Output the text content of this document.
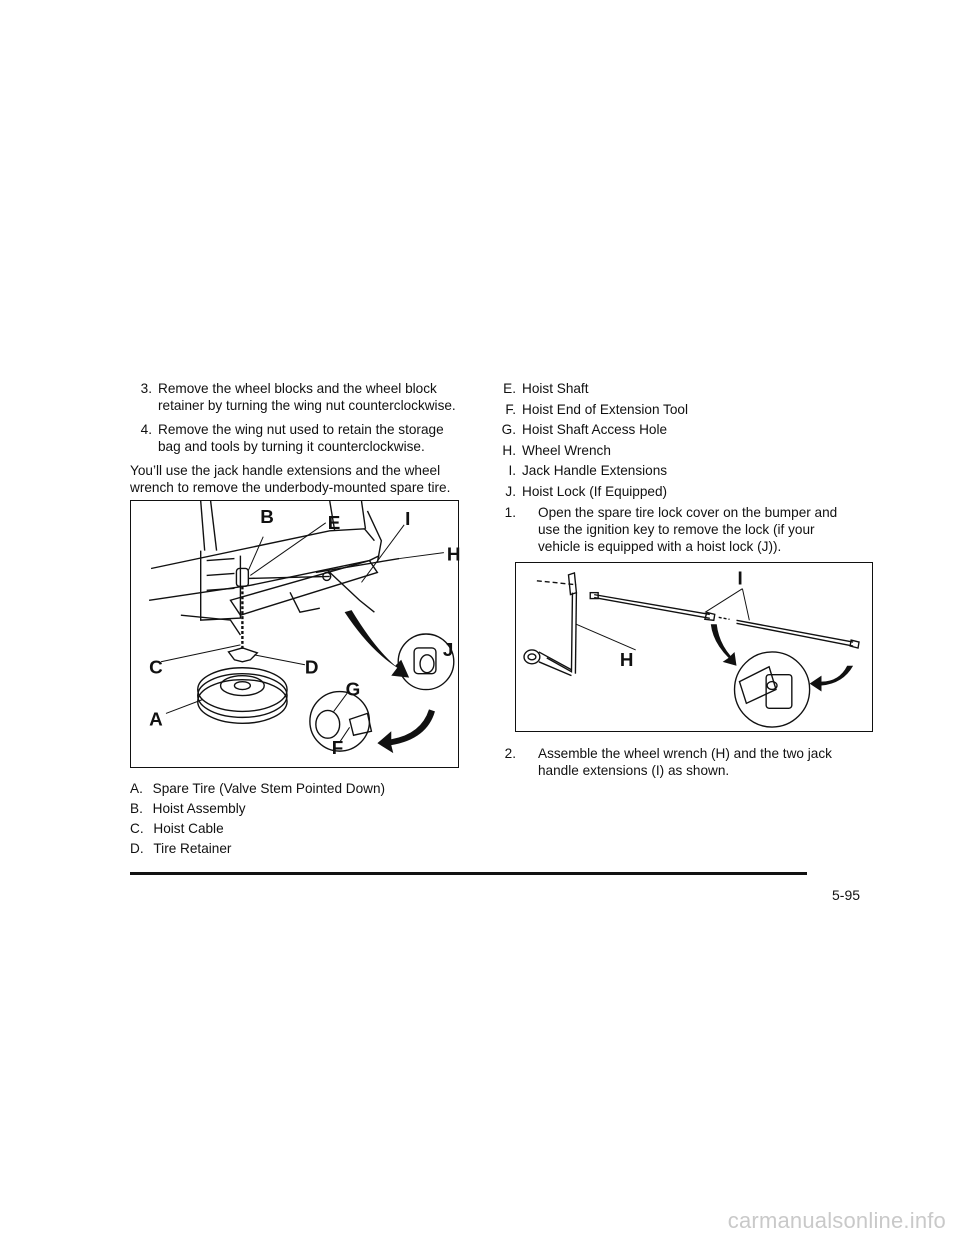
3. Remove the wheel blocks and the wheel block
retainer by turning the wing nut counterclockwise.
4. Remove the wing nut used to retain the storage
bag and tools by turning it counterclockwise.
You’ll use the jack handle extensions and the wheel
wrench to remove the underbody-mounted spare tire.
B	E	I
H
J
C	D
G
A
F
A. Spare Tire (Valve Stem Pointed Down)
B. Hoist Assembly
C. Hoist Cable
D. Tire Retainer
E. Hoist Shaft
F. Hoist End of Extension Tool
G. Hoist Shaft Access Hole
H. Wheel Wrench
I. Jack Handle Extensions
J. Hoist Lock (If Equipped)
1. Open the spare tire lock cover on the bumper and
use the ignition key to remove the lock (if your
vehicle is equipped with a hoist lock (J)).
I
H
2. Assemble the wheel wrench (H) and the two jack
handle extensions (I) as shown.
5-95
carmanualsonline.info
